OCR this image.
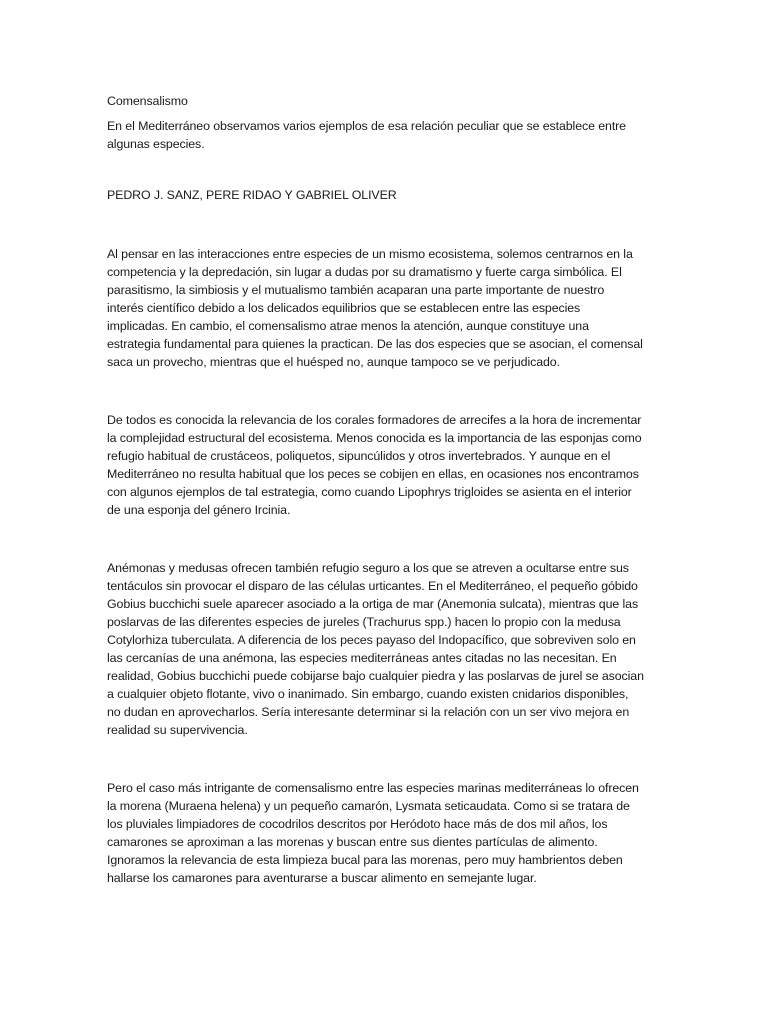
Comensalismo

En el Mediterráneo observamos varios ejemplos de esa relación peculiar que se establece entre

algunas especies.

PEDRO J. SANZ, PERE RIDAO Y GABRIEL OLIVER

Al pensar en las interacciones entre especies de un mismo ecosistema, solemos centrarnos en la

competencia y la depredación, sin lugar a dudas por su dramatismo y fuerte carga simbólica. El

parasitismo, la simbiosis y el mutualismo también acaparan una parte importante de nuestro

interés científico debido a los delicados equilibrios que se establecen entre las especies

implicadas. En cambio, el comensalismo atrae menos la atención, aunque constituye una

estrategia fundamental para quienes la practican. De las dos especies que se asocian, el comensal

saca un provecho, mientras que el huésped no, aunque tampoco se ve perjudicado.

De todos es conocida la relevancia de los corales formadores de arrecifes a la hora de incrementar

la complejidad estructural del ecosistema. Menos conocida es la importancia de las esponjas como

refugio habitual de crustáceos, poliquetos, sipuncúlidos y otros invertebrados. Y aunque en el

Mediterráneo no resulta habitual que los peces se cobijen en ellas, en ocasiones nos encontramos

con algunos ejemplos de tal estrategia, como cuando Lipophrys trigloides se asienta en el interior

de una esponja del género Ircinia.

Anémonas y medusas ofrecen también refugio seguro a los que se atreven a ocultarse entre sus

tentáculos sin provocar el disparo de las células urticantes. En el Mediterráneo, el pequeño góbido

Gobius bucchichi suele aparecer asociado a la ortiga de mar (Anemonia sulcata), mientras que las

poslarvas de las diferentes especies de jureles (Trachurus spp.) hacen lo propio con la medusa

Cotylorhiza tuberculata. A diferencia de los peces payaso del Indopacífico, que sobreviven solo en

las cercanías de una anémona, las especies mediterráneas antes citadas no las necesitan. En

realidad, Gobius bucchichi puede cobijarse bajo cualquier piedra y las poslarvas de jurel se asocian

a cualquier objeto flotante, vivo o inanimado. Sin embargo, cuando existen cnidarios disponibles,

no dudan en aprovecharlos. Sería interesante determinar si la relación con un ser vivo mejora en

realidad su supervivencia.

Pero el caso más intrigante de comensalismo entre las especies marinas mediterráneas lo ofrecen

la morena (Muraena helena) y un pequeño camarón, Lysmata seticaudata. Como si se tratara de

los pluviales limpiadores de cocodrilos descritos por Heródoto hace más de dos mil años, los

camarones se aproximan a las morenas y buscan entre sus dientes partículas de alimento.

Ignoramos la relevancia de esta limpieza bucal para las morenas, pero muy hambrientos deben

hallarse los camarones para aventurarse a buscar alimento en semejante lugar.
